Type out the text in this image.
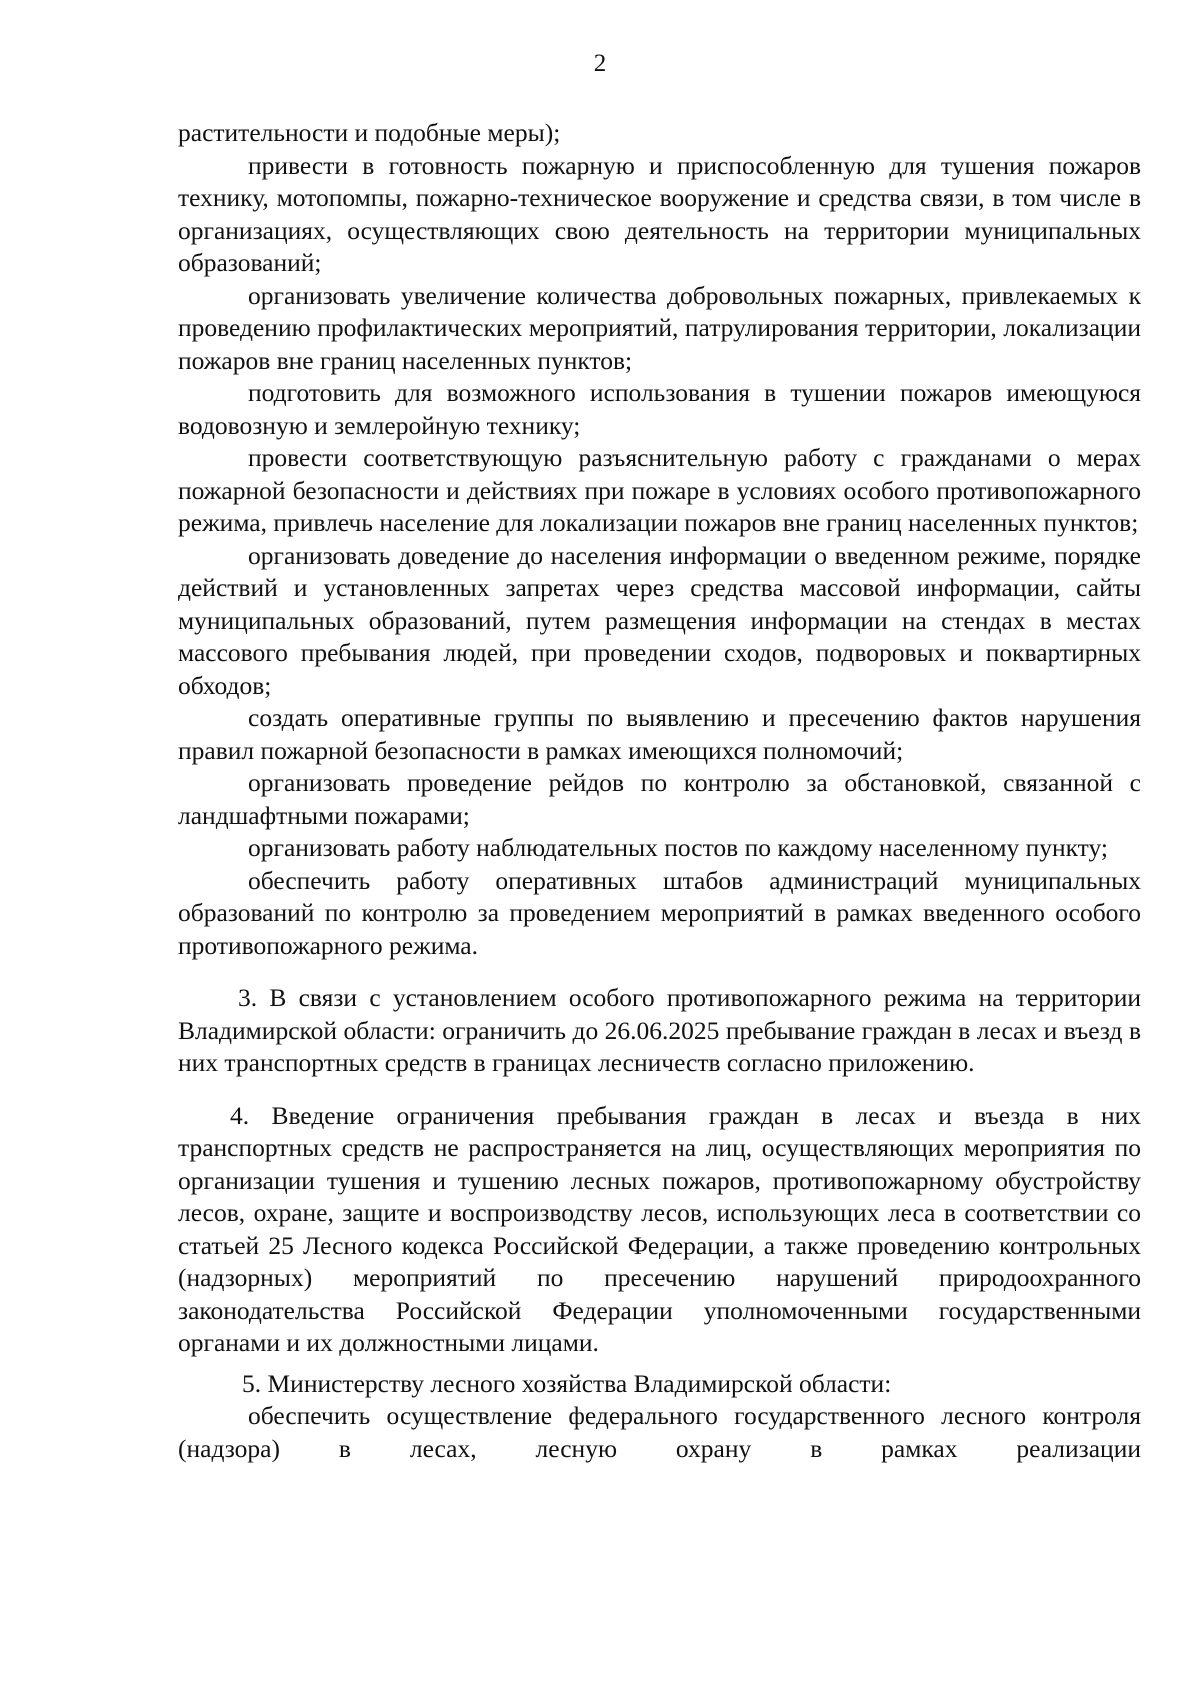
2

растительности и подобные меры);

привести в готовность пожарную и приспособленную для тушения пожаров технику, мотопомпы, пожарно-техническое вооружение и средства связи, в том числе в организациях, осуществляющих свою деятельность на территории муниципальных образований;

организовать увеличение количества добровольных пожарных, привлекаемых к проведению профилактических мероприятий, патрулирования территории, локализации пожаров вне границ населенных пунктов;

подготовить для возможного использования в тушении пожаров имеющуюся водовозную и землеройную технику;

провести соответствующую разъяснительную работу с гражданами о мерах пожарной безопасности и действиях при пожаре в условиях особого противопожарного режима, привлечь население для локализации пожаров вне границ населенных пунктов;

организовать доведение до населения информации о введенном режиме, порядке действий и установленных запретах через средства массовой информации, сайты муниципальных образований, путем размещения информации на стендах в местах массового пребывания людей, при проведении сходов, подворовых и поквартирных обходов;

создать оперативные группы по выявлению и пресечению фактов нарушения правил пожарной безопасности в рамках имеющихся полномочий;

организовать проведение рейдов по контролю за обстановкой, связанной с ландшафтными пожарами;

организовать работу наблюдательных постов по каждому населенному пункту;

обеспечить работу оперативных штабов администраций муниципальных образований по контролю за проведением мероприятий в рамках введенного особого противопожарного режима.

3. В связи с установлением особого противопожарного режима на территории Владимирской области: ограничить до 26.06.2025 пребывание граждан в лесах и въезд в них транспортных средств в границах лесничеств согласно приложению.

4. Введение ограничения пребывания граждан в лесах и въезда в них транспортных средств не распространяется на лиц, осуществляющих мероприятия по организации тушения и тушению лесных пожаров, противопожарному обустройству лесов, охране, защите и воспроизводству лесов, использующих леса в соответствии со статьей 25 Лесного кодекса Российской Федерации, а также проведению контрольных (надзорных) мероприятий по пресечению нарушений природоохранного законодательства Российской Федерации уполномоченными государственными органами и их должностными лицами.

5. Министерству лесного хозяйства Владимирской области:

обеспечить осуществление федерального государственного лесного контроля (надзора) в лесах, лесную охрану в рамках реализации
